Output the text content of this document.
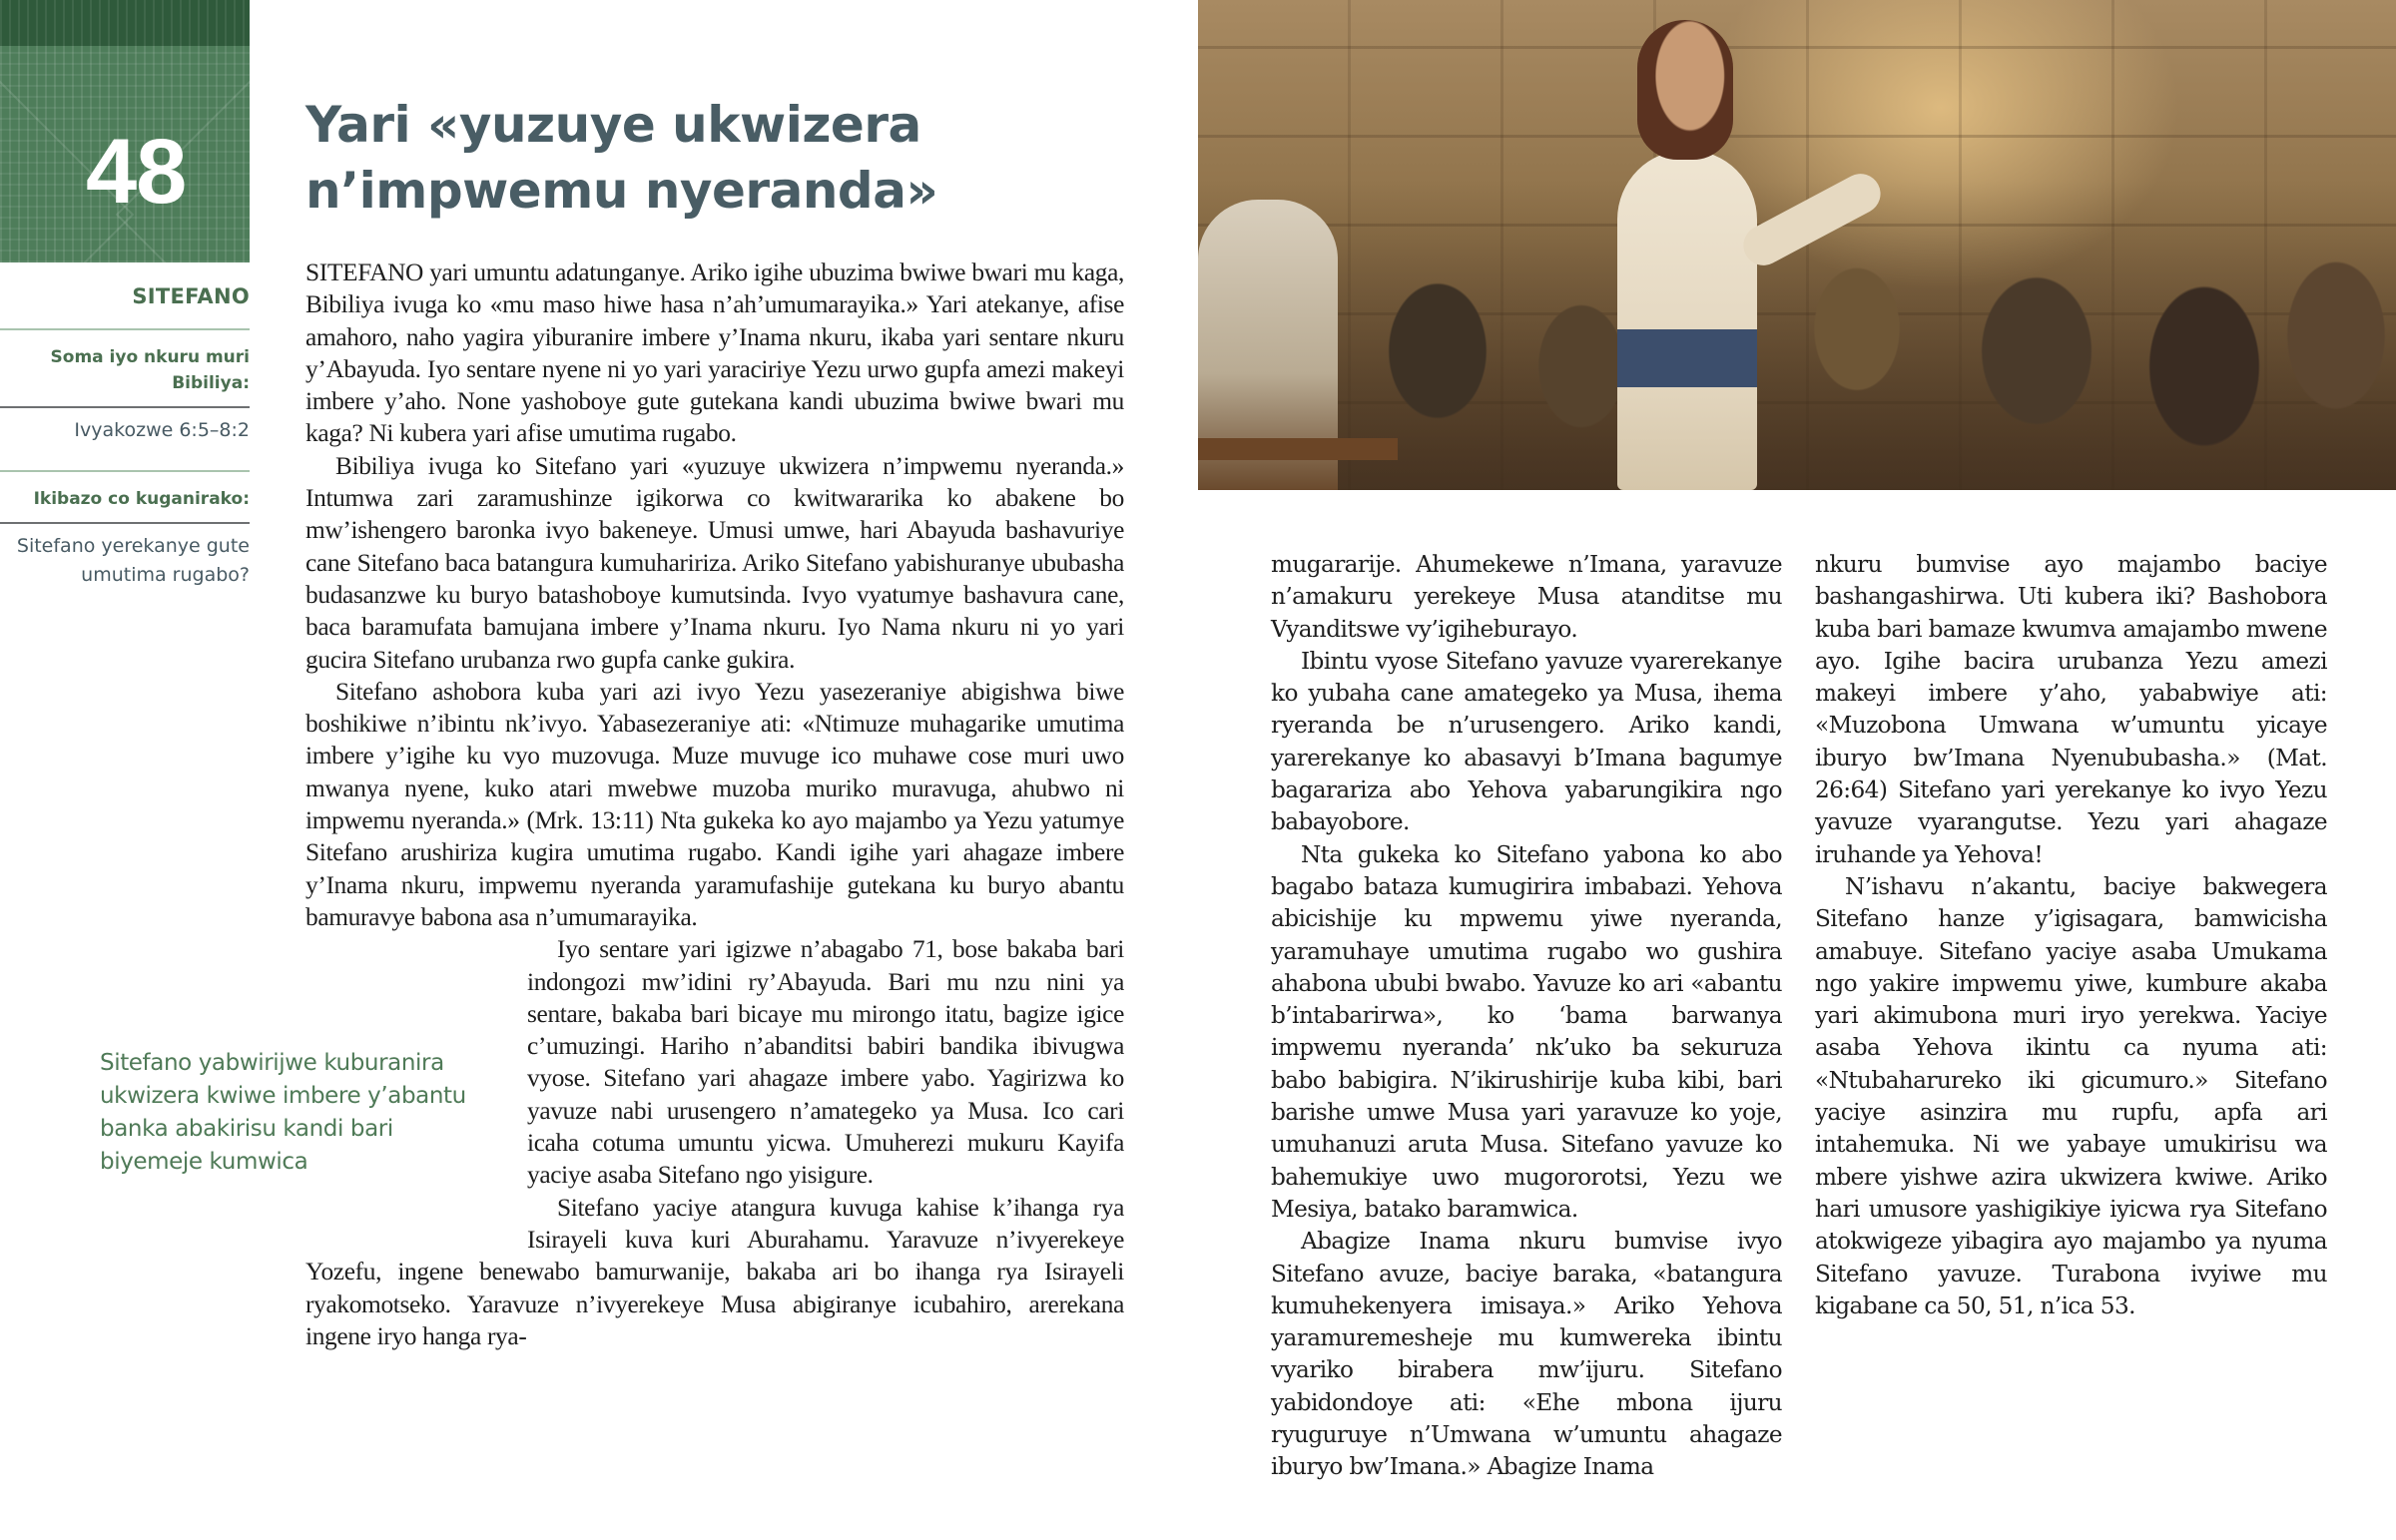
48 Yari «yuzuye ukwizera n’impwemu nyeranda»
SITEFANO
Soma iyo nkuru muri Bibiliya:
Ivyakozwe 6:5–8:2
Ikibazo co kuganirako:
Sitefano yerekanye gute umutima rugabo?
Sitefano yabwirijwe kuburanira ukwizera kwiwe imbere y’abantu banka abakirisu kandi bari biyemeje kumwica

SITEFANO yari umuntu adatunganye. Ariko igihe ubuzima bwiwe bwari mu kaga, Bibiliya ivuga ko «mu maso hiwe hasa n’ah’umumarayika.» Yari atekanye, afise amahoro, naho yagira yiburanire imbere y’Inama nkuru, ikaba yari sentare nkuru y’Abayuda. Iyo sentare nyene ni yo yari yaraciriye Yezu urwo gupfa amezi makeyi imbere y’aho. None yashoboye gute gutekana kandi ubuzima bwiwe bwari mu kaga? Ni kubera yari afise umutima rugabo.

Bibiliya ivuga ko Sitefano yari «yuzuye ukwizera n’impwemu nyeranda.» Intumwa zari zaramushinze igikorwa co kwitwararika ko abakene bo mw’ishengero baronka ivyo bakeneye. Umusi umwe, hari Abayuda bashavuriye cane Sitefano baca batangura kumuhaririza. Ariko Sitefano yabishuranye ububasha budasanzwe ku buryo batashoboye kumutsinda. Ivyo vyatumye bashavura cane, baca baramufata bamujana imbere y’Inama nkuru. Iyo Nama nkuru ni yo yari gucira Sitefano urubanza rwo gupfa canke gukira.

Sitefano ashobora kuba yari azi ivyo Yezu yasezeraniye abigishwa biwe boshikiwe n’ibintu nk’ivyo. Yabasezeraniye ati: «Ntimuze muhagarike umutima imbere y’igihe ku vyo muzovuga. Muze muvuge ico muhawe cose muri uwo mwanya nyene, kuko atari mwebwe muzoba muriko muravuga, ahubwo ni impwemu nyeranda.» (Mrk. 13:11) Nta gukeka ko ayo majambo ya Yezu yatumye Sitefano arushiriza kugira umutima rugabo. Kandi igihe yari ahagaze imbere y’Inama nkuru, impwemu nyeranda yaramufashije gutekana ku buryo abantu bamuravye babona asa n’umumarayika.

Iyo sentare yari igizwe n’abagabo 71, bose bakaba bari indongozi mw’idini ry’Abayuda. Bari mu nzu nini ya sentare, bakaba bari bicaye mu mirongo itatu, bagize igice c’umuzingi. Hariho n’abanditsi babiri bandika ibivugwa vyose. Sitefano yari ahagaze imbere yabo. Yagirizwa ko yavuze nabi urusengero n’amategeko ya Musa. Ico cari icaha cotuma umuntu yicwa. Umuherezi mukuru Kayifa yaciye asaba Sitefano ngo yisigure.

Sitefano yaciye atangura kuvuga kahise k’ihanga rya Isirayeli kuva kuri Aburahamu. Yaravuze n’ivyerekeye Yozefu, ingene benewabo bamurwanije, bakaba ari bo ihanga rya Isirayeli ryakomotseko. Yaravuze n’ivyerekeye Musa abigiranye icubahiro, arerekana ingene iryo hanga rya-

mugararije. Ahumekewe n’Imana, yaravuze n’amakuru yerekeye Musa atanditse mu Vyanditswe vy’igiheburayo.

Ibintu vyose Sitefano yavuze vyarerekanye ko yubaha cane amategeko ya Musa, ihema ryeranda be n’urusengero. Ariko kandi, yarerekanye ko abasavyi b’Imana bagumye bagarariza abo Yehova yabarungikira ngo babayobore.

Nta gukeka ko Sitefano yabona ko abo bagabo bataza kumugirira imbabazi. Yehova abicishije ku mpwemu yiwe nyeranda, yaramuhaye umutima rugabo wo gushira ahabona ububi bwabo. Yavuze ko ari «abantu b’intabarirwa», ko ‘bama barwanya impwemu nyeranda’ nk’uko ba sekuruza babo babigira. N’ikirushirije kuba kibi, bari barishe umwe Musa yari yaravuze ko yoje, umuhanuzi aruta Musa. Sitefano yavuze ko bahemukiye uwo mugororotsi, Yezu we Mesiya, batako baramwica.

Abagize Inama nkuru bumvise ivyo Sitefano avuze, baciye baraka, «batangura kumuhekenyera imisaya.» Ariko Yehova yaramuremesheje mu kumwereka ibintu vyariko birabera mw’ijuru. Sitefano yabidondoye ati: «Ehe mbona ijuru ryuguruye n’Umwana w’umuntu ahagaze iburyo bw’Imana.» Abagize Inama

nkuru bumvise ayo majambo baciye bashangashirwa. Uti kubera iki? Bashobora kuba bari bamaze kwumva amajambo mwene ayo. Igihe bacira urubanza Yezu amezi makeyi imbere y’aho, yababwiye ati: «Muzobona Umwana w’umuntu yicaye iburyo bw’Imana Nyenububasha.» (Mat. 26:64) Sitefano yari yerekanye ko ivyo Yezu yavuze vyarangutse. Yezu yari ahagaze iruhande ya Yehova!

N’ishavu n’akantu, baciye bakwegera Sitefano hanze y’igisagara, bamwicisha amabuye. Sitefano yaciye asaba Umukama ngo yakire impwemu yiwe, kumbure akaba yari akimubona muri iryo yerekwa. Yaciye asaba Yehova ikintu ca nyuma ati: «Ntubaharureko iki gicumuro.» Sitefano yaciye asinzira mu rupfu, apfa ari intahemuka. Ni we yabaye umukirisu wa mbere yishwe azira ukwizera kwiwe. Ariko hari umusore yashigikiye iyicwa rya Sitefano atokwigeze yibagira ayo majambo ya nyuma Sitefano yavuze. Turabona ivyiwe mu kigabane ca 50, 51, n’ica 53.
